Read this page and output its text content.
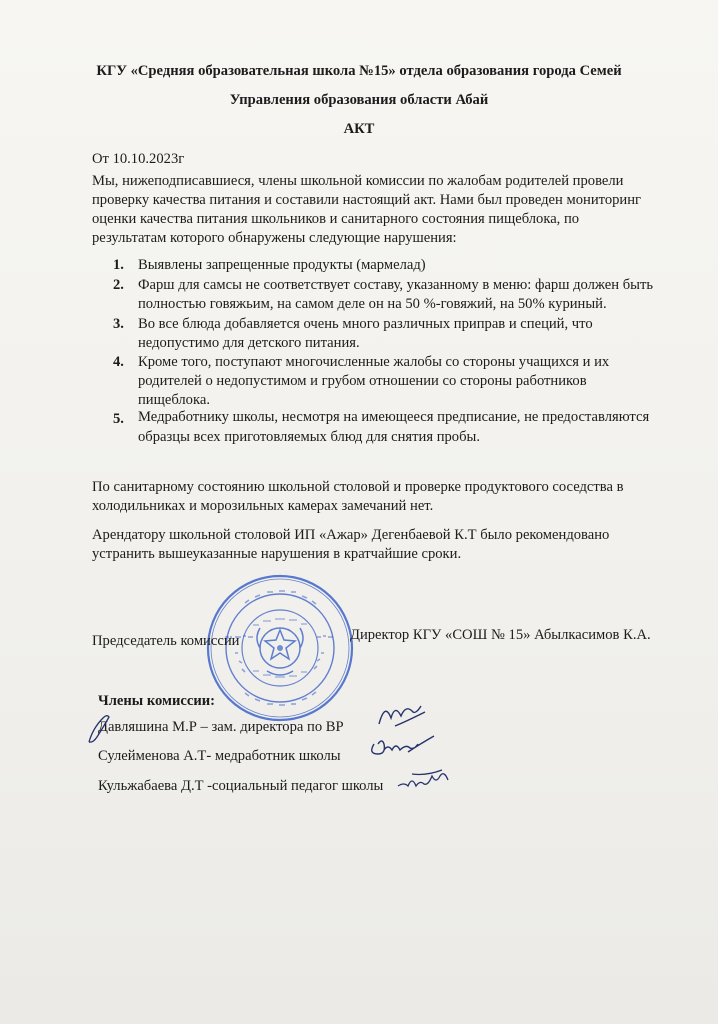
КГУ «Средняя образовательная школа №15» отдела образования города Семей
Управления образования области Абай
АКТ
От 10.10.2023г
Мы, нижеподписавшиеся, члены школьной комиссии по жалобам родителей провели
проверку качества питания и составили настоящий акт. Нами был проведен мониторинг
оценки качества питания школьников и санитарного состояния пищеблока, по
результатам которого обнаружены следующие нарушения:
1. Выявлены запрещенные продукты (мармелад)
2. Фарш для самсы не соответствует составу, указанному в меню: фарш должен быть
полностью говяжьим, на самом деле он на 50 %-говяжий, на 50% куриный.
3. Во все блюда добавляется очень много различных приправ и специй, что
недопустимо для детского питания.
4. Кроме того, поступают многочисленные жалобы со стороны учащихся и их
родителей о недопустимом и грубом отношении со стороны работников
пищеблока.
5. Медработнику школы, несмотря на имеющееся предписание, не предоставляются
образцы всех приготовляемых блюд для снятия пробы.
По санитарному состоянию школьной столовой и проверке продуктового соседства в
холодильниках и морозильных камерах замечаний нет.
Арендатору школьной столовой ИП «Ажар» Дегенбаевой К.Т было рекомендовано
устранить вышеуказанные нарушения в кратчайшие сроки.
Председатель комиссии	Директор КГУ «СОШ № 15» Абылкасимов К.А.
Члены комиссии:
Давляшина М.Р – зам. директора по ВР
Сулейменова А.Т- медработник школы
Кульжабаева Д.Т -социальный педагог школы
